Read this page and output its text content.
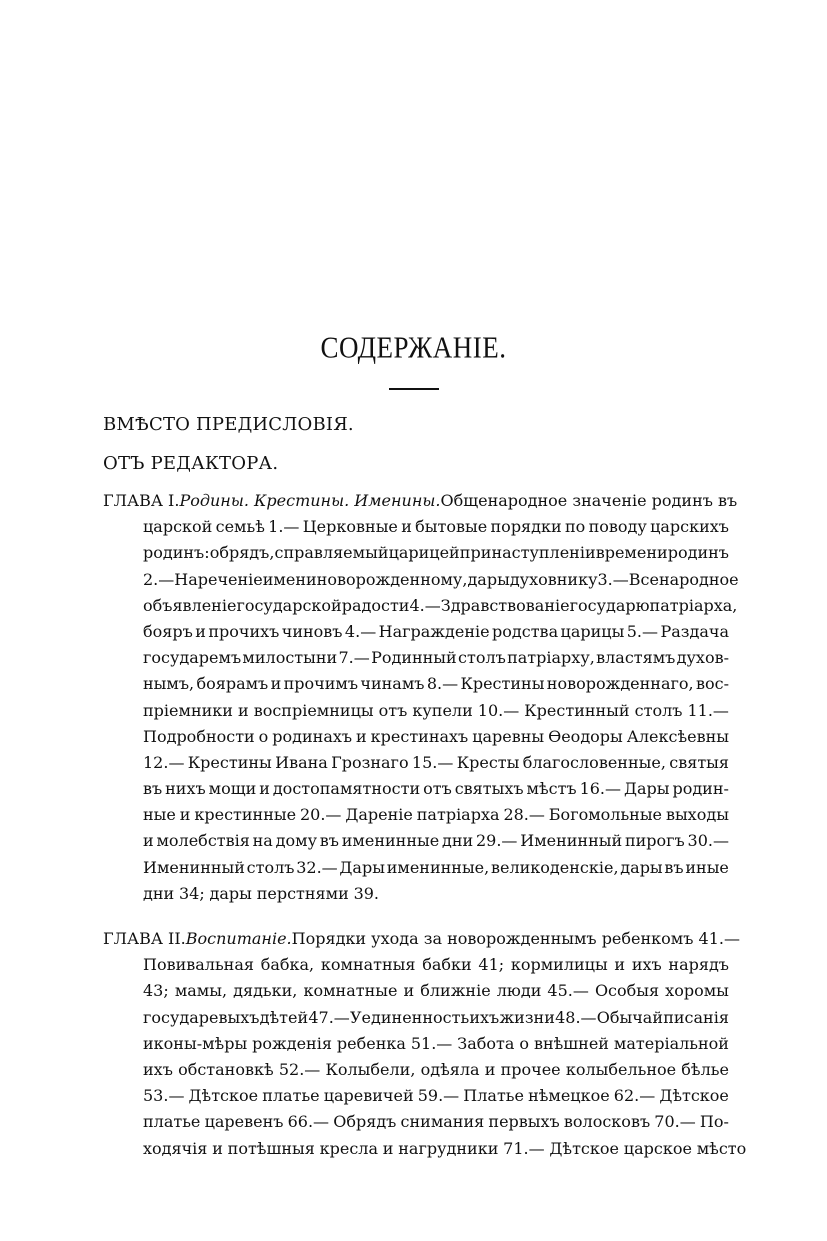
СОДЕРЖАНІЕ.
ВМѢСТО ПРЕДИСЛОВІЯ.
ОТЪ РЕДАКТОРА.
ГЛАВА I. Родины. Крестины. Именины. Общенародное значеніе родинъ въ
царской семьѣ 1.— Церковные и бытовые порядки по поводу царскихъ
родинъ: обрядъ, справляемый царицей при наступленіи времени родинъ
2.— Нареченіе имени новорожденному, дары духовнику 3.— Всенародное
объявленіе государской радости 4.— Здравствованіе государю патріарха,
бояръ и прочихъ чиновъ 4.— Награжденіе родства царицы 5.— Раздача
государемъ милостыни 7.— Родинный столъ патріарху, властямъ духов-
нымъ, боярамъ и прочимъ чинамъ 8.— Крестины новорожденнаго, вос-
пріемники и воспріемницы отъ купели 10.— Крестинный столъ 11.—
Подробности о родинахъ и крестинахъ царевны Ѳеодоры Алексѣевны
12.— Крестины Ивана Грознаго 15.— Кресты благословенные, святыя
въ нихъ мощи и достопамятности отъ святыхъ мѣстъ 16.— Дары родин-
ные и крестинные 20.— Дареніе патріарха 28.— Богомольные выходы
и молебствія на дому въ именинные дни 29.— Именинный пирогъ 30.—
Именинный столъ 32.— Дары именинные, великоденскіе, дары въ иные
дни 34; дары перстнями 39.
ГЛАВА II. Воспитаніе. Порядки ухода за новорожденнымъ ребенкомъ 41.—
Повивальная бабка, комнатныя бабки 41; кормилицы и ихъ нарядъ
43; мамы, дядьки, комнатные и ближніе люди 45.— Особыя хоромы
государевыхъ дѣтей 47.— Уединенность ихъ жизни 48.— Обычай писанія
иконы-мѣры рожденія ребенка 51.— Забота о внѣшней матеріальной
ихъ обстановкѣ 52.— Колыбели, одѣяла и прочее колыбельное бѣлье
53.— Дѣтское платье царевичей 59.— Платье нѣмецкое 62.— Дѣтское
платье царевенъ 66.— Обрядъ снимания первыхъ волосковъ 70.— По-
ходячія и потѣшныя кресла и нагрудники 71.— Дѣтское царское мѣсто
